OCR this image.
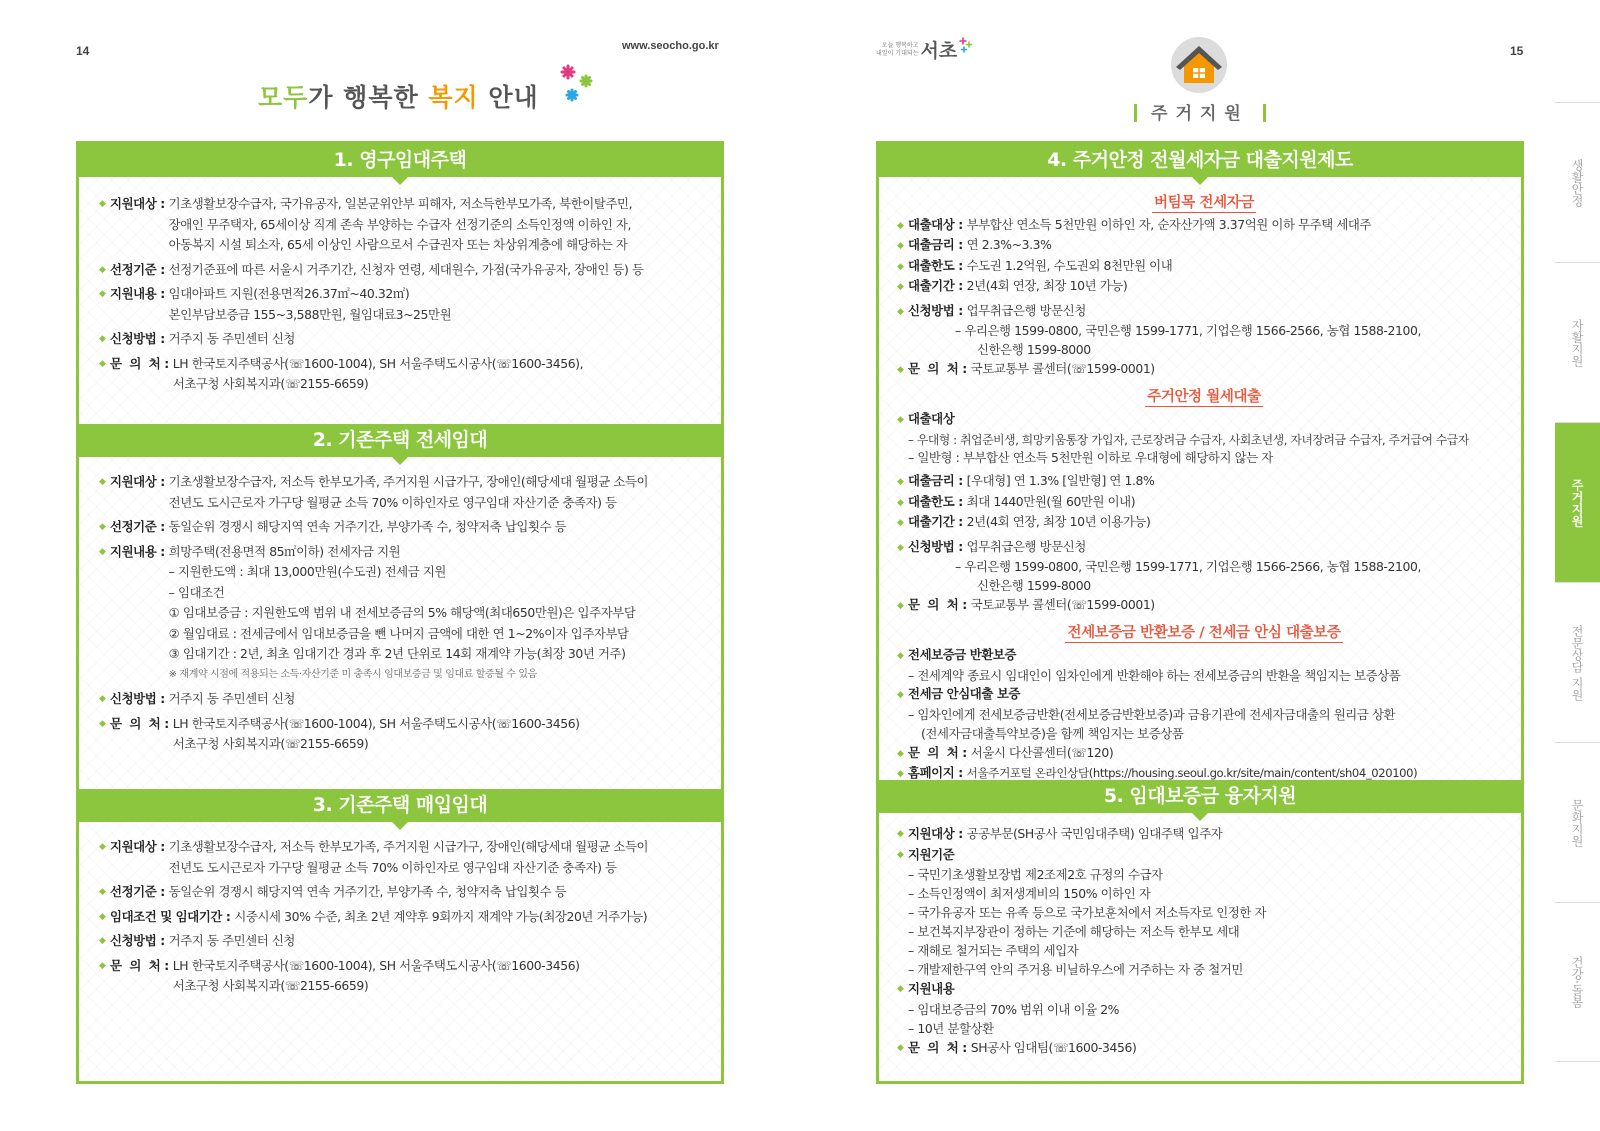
14	www.seocho.go.kr
모두가 행복한 복지 안내
1. 영구임대주택
◆ 지원대상 : 기초생활보장수급자, 국가유공자, 일본군위안부 피해자, 저소득한부모가족, 북한이탈주민,
장애인 무주택자, 65세이상 직계 존속 부양하는 수급자 선정기준의 소득인정액 이하인 자,
아동복지 시설 퇴소자, 65세 이상인 사람으로서 수급권자 또는 차상위계층에 해당하는 자
◆ 선정기준 : 선정기준표에 따른 서울시 거주기간, 신청자 연령, 세대원수, 가점(국가유공자, 장애인 등) 등
◆ 지원내용 : 임대아파트 지원(전용면적26.37㎡~40.32㎡)
본인부담보증금 155~3,588만원, 월임대료3~25만원
◆ 신청방법 : 거주지 동 주민센터 신청
◆ 문  의  처 : LH 한국토지주택공사(☏1600-1004), SH 서울주택도시공사(☏1600-3456),
서초구청 사회복지과(☏2155-6659)
2. 기존주택 전세임대
◆ 지원대상 : 기초생활보장수급자, 저소득 한부모가족, 주거지원 시급가구, 장애인(해당세대 월평균 소득이
전년도 도시근로자 가구당 월평균 소득 70% 이하인자로 영구임대 자산기준 충족자) 등
◆ 선정기준 : 동일순위 경쟁시 해당지역 연속 거주기간, 부양가족 수, 청약저축 납입횟수 등
◆ 지원내용 : 희망주택(전용면적 85㎡이하) 전세자금 지원
– 지원한도액 : 최대 13,000만원(수도권) 전세금 지원
– 임대조건
① 임대보증금 : 지원한도액 범위 내 전세보증금의 5% 해당액(최대650만원)은 입주자부담
② 월임대료 : 전세금에서 임대보증금을 뺀 나머지 금액에 대한 연 1~2%이자 입주자부담
③ 임대기간 : 2년, 최초 임대기간 경과 후 2년 단위로 14회 재계약 가능(최장 30년 거주)
※ 재계약 시점에 적용되는 소득·자산기준 미 충족시 임대보증금 및 임대료 할증될 수 있음
◆ 신청방법 : 거주지 동 주민센터 신청
◆ 문  의  처 : LH 한국토지주택공사(☏1600-1004), SH 서울주택도시공사(☏1600-3456)
서초구청 사회복지과(☏2155-6659)
3. 기존주택 매입임대
◆ 지원대상 : 기초생활보장수급자, 저소득 한부모가족, 주거지원 시급가구, 장애인(해당세대 월평균 소득이
전년도 도시근로자 가구당 월평균 소득 70% 이하인자로 영구임대 자산기준 충족자) 등
◆ 선정기준 : 동일순위 경쟁시 해당지역 연속 거주기간, 부양가족 수, 청약저축 납입횟수 등
◆ 임대조건 및 임대기간 : 시중시세 30% 수준, 최초 2년 계약후 9회까지 재계약 가능(최장20년 거주가능)
◆ 신청방법 : 거주지 동 주민센터 신청
◆ 문  의  처 : LH 한국토지주택공사(☏1600-1004), SH 서울주택도시공사(☏1600-3456)
서초구청 사회복지과(☏2155-6659)
오늘 행복하고
내일이 기대되는 서초	15
주거지원
4. 주거안정 전월세자금 대출지원제도
버팀목 전세자금
◆ 대출대상 : 부부합산 연소득 5천만원 이하인 자, 순자산가액 3.37억원 이하 무주택 세대주
◆ 대출금리 : 연 2.3%~3.3%
◆ 대출한도 : 수도권 1.2억원, 수도권외 8천만원 이내
◆ 대출기간 : 2년(4회 연장, 최장 10년 가능)
◆ 신청방법 : 업무취급은행 방문신청
– 우리은행 1599-0800, 국민은행 1599-1771, 기업은행 1566-2566, 농협 1588-2100,
신한은행 1599-8000
◆ 문  의  처 : 국토교통부 콜센터(☏1599-0001)
주거안정 월세대출
◆ 대출대상
– 우대형 : 취업준비생, 희망키움통장 가입자, 근로장려금 수급자, 사회초년생, 자녀장려금 수급자, 주거급여 수급자
– 일반형 : 부부합산 연소득 5천만원 이하로 우대형에 해당하지 않는 자
◆ 대출금리 : [우대형] 연 1.3% [일반형] 연 1.8%
◆ 대출한도 : 최대 1440만원(월 60만원 이내)
◆ 대출기간 : 2년(4회 연장, 최장 10년 이용가능)
◆ 신청방법 : 업무취급은행 방문신청
– 우리은행 1599-0800, 국민은행 1599-1771, 기업은행 1566-2566, 농협 1588-2100,
신한은행 1599-8000
◆ 문  의  처 : 국토교통부 콜센터(☏1599-0001)
전세보증금 반환보증 / 전세금 안심 대출보증
◆ 전세보증금 반환보증
– 전세계약 종료시 임대인이 임차인에게 반환해야 하는 전세보증금의 반환을 책임지는 보증상품
◆ 전세금 안심대출 보증
– 임차인에게 전세보증금반환(전세보증금반환보증)과 금융기관에 전세자금대출의 원리금 상환
(전세자금대출특약보증)을 함께 책임지는 보증상품
◆ 문  의  처 : 서울시 다산콜센터(☏120)
◆ 홈페이지 : 서울주거포털 온라인상담(https://housing.seoul.go.kr/site/main/content/sh04_020100)
5. 임대보증금 융자지원
◆ 지원대상 : 공공부문(SH공사 국민임대주택) 임대주택 입주자
◆ 지원기준
– 국민기초생활보장법 제2조제2호 규정의 수급자
– 소득인정액이 최저생계비의 150% 이하인 자
– 국가유공자 또는 유족 등으로 국가보훈처에서 저소득자로 인정한 자
– 보건복지부장관이 정하는 기준에 해당하는 저소득 한부모 세대
– 재해로 철거되는 주택의 세입자
– 개발제한구역 안의 주거용 비닐하우스에 거주하는 자 중 철거민
◆ 지원내용
– 임대보증금의 70% 범위 이내 이율 2%
– 10년 분할상환
◆ 문  의  처 : SH공사 임대팀(☏1600-3456)
생활안정
자활지원
주거지원
전문상담 지원
문화지원
건강·돌봄
